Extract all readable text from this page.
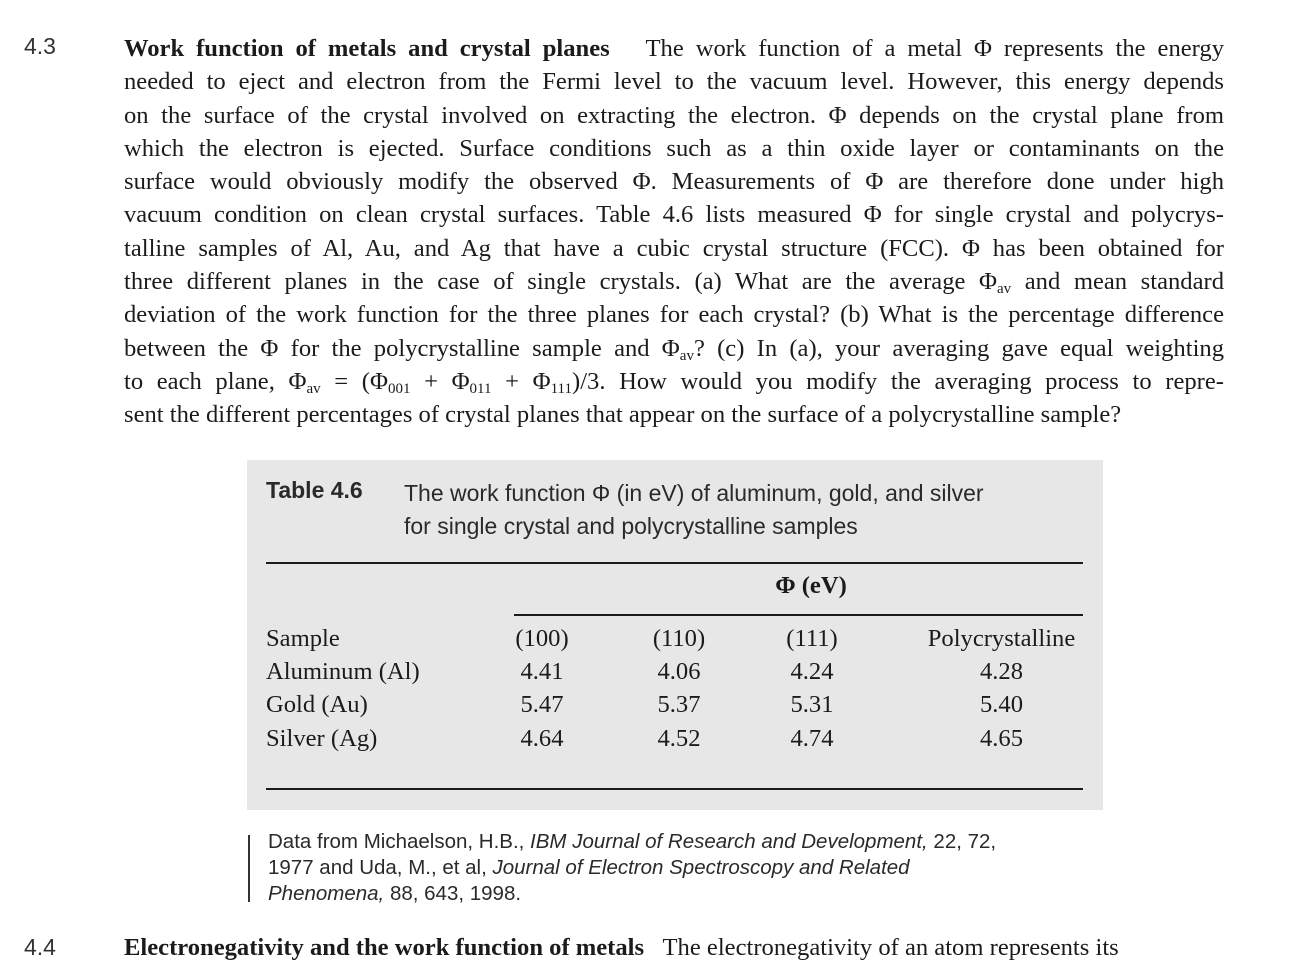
4.3	Work function of metals and crystal planes The work function of a metal Φ represents the energy
needed to eject and electron from the Fermi level to the vacuum level. However, this energy depends
on the surface of the crystal involved on extracting the electron. Φ depends on the crystal plane from
which the electron is ejected. Surface conditions such as a thin oxide layer or contaminants on the
surface would obviously modify the observed Φ. Measurements of Φ are therefore done under high
vacuum condition on clean crystal surfaces. Table 4.6 lists measured Φ for single crystal and polycrys-
talline samples of Al, Au, and Ag that have a cubic crystal structure (FCC). Φ has been obtained for
three different planes in the case of single crystals. (a) What are the average $\Phi_{av}$ and mean standard
deviation of the work function for the three planes for each crystal? (b) What is the percentage difference
between the Φ for the polycrystalline sample and $\Phi_{av}$? (c) In (a), your averaging gave equal weighting
to each plane, $\Phi_{av} = (\Phi_{001} + \Phi_{011} + \Phi_{111})/3$. How would you modify the averaging process to repre-
sent the different percentages of crystal planes that appear on the surface of a polycrystalline sample?
Table 4.6 The work function Φ (in eV) of aluminum, gold, and silver
for single crystal and polycrystalline samples
Φ (eV)
Sample	(100)	(110)	(111)	Polycrystalline
Aluminum (Al)	4.41	4.06	4.24	4.28
Gold (Au)	5.47	5.37	5.31	5.40
Silver (Ag)	4.64	4.52	4.74	4.65
Data from Michaelson, H.B., IBM Journal of Research and Development, 22, 72,
1977 and Uda, M., et al, Journal of Electron Spectroscopy and Related
Phenomena, 88, 643, 1998.
4.4	Electronegativity and the work function of metals The electronegativity of an atom represents its
